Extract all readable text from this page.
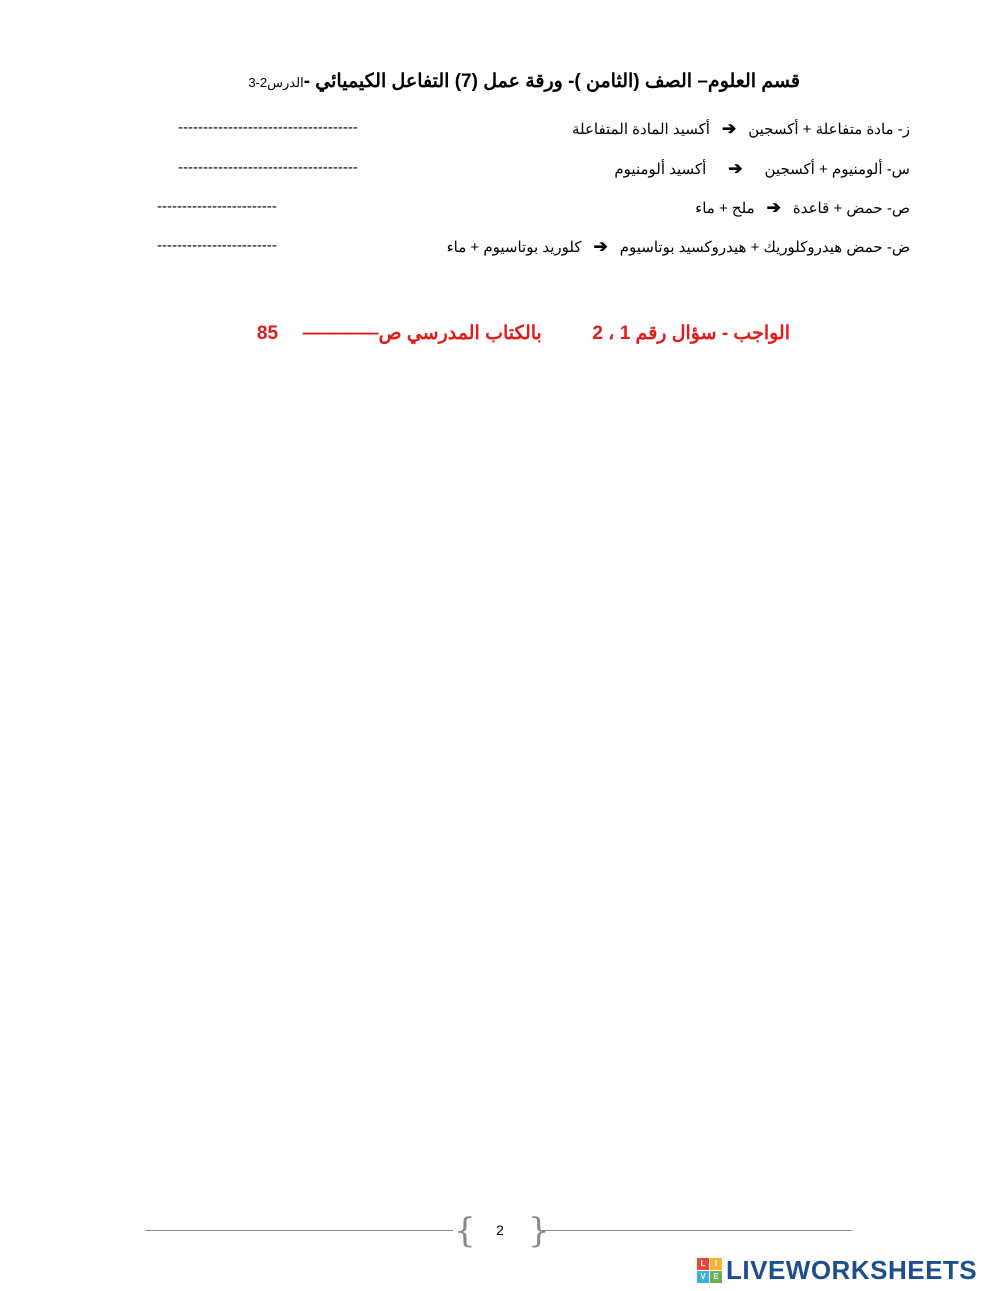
قسم العلوم– الصف (الثامن )- ورقة عمل (7) التفاعل الكيميائي -الدرس2-3
ز- مادة متفاعلة + أكسجين➔أكسيد المادة المتفاعلة
------------------------------------
س- ألومنيوم + أكسجين➔أكسيد ألومنيوم
------------------------------------
ص- حمض + قاعدة➔ملح + ماء
------------------------
ض- حمض هيدروكلوريك + هيدروكسيد بوتاسيوم➔كلوريد بوتاسيوم + ماء
------------------------
الواجب - سؤال رقم 1 ، 2  بالكتاب المدرسي ص————  85
{ }
2
L	I
V E LIVEWORKSHEETS
